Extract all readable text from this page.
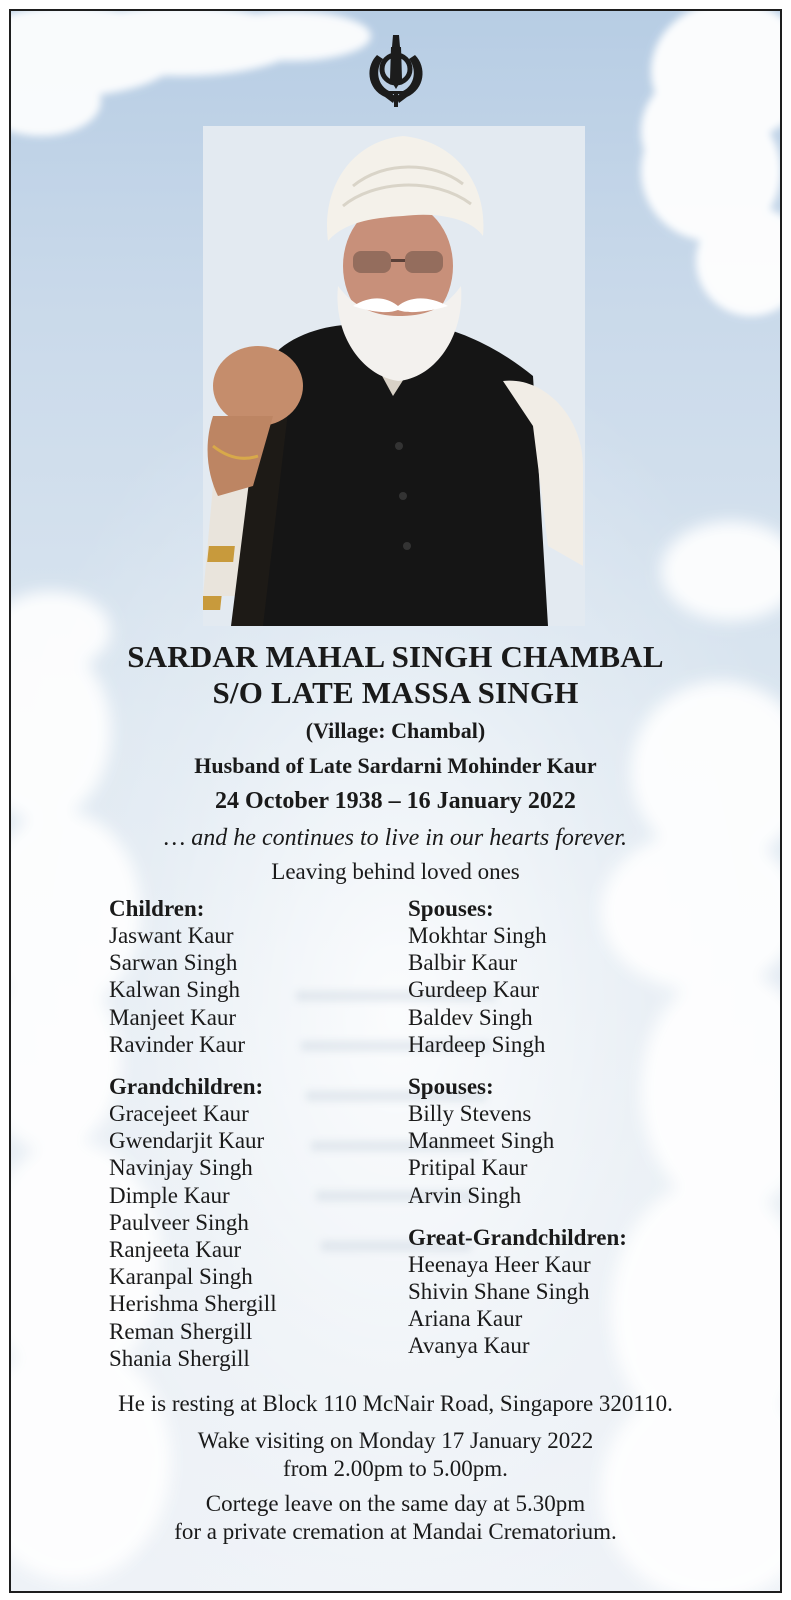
SARDAR MAHAL SINGH CHAMBAL
S/O LATE MASSA SINGH
(Village: Chambal)
Husband of Late Sardarni Mohinder Kaur
24 October 1938 – 16 January 2022
… and he continues to live in our hearts forever.
Leaving behind loved ones

Children:

Jaswant Kaur

Sarwan Singh

Kalwan Singh

Manjeet Kaur

Ravinder Kaur

Grandchildren:

Gracejeet Kaur

Gwendarjit Kaur

Navinjay Singh

Dimple Kaur

Paulveer Singh

Ranjeeta Kaur

Karanpal Singh

Herishma Shergill

Reman Shergill

Shania Shergill

Spouses:

Mokhtar Singh

Balbir Kaur

Gurdeep Kaur

Baldev Singh

Hardeep Singh

Spouses:

Billy Stevens

Manmeet Singh

Pritipal Kaur

Arvin Singh

Great-Grandchildren:

Heenaya Heer Kaur

Shivin Shane Singh

Ariana Kaur

Avanya Kaur

He is resting at Block 110 McNair Road, Singapore 320110.
Wake visiting on Monday 17 January 2022
from 2.00pm to 5.00pm.
Cortege leave on the same day at 5.30pm
for a private cremation at Mandai Crematorium.
